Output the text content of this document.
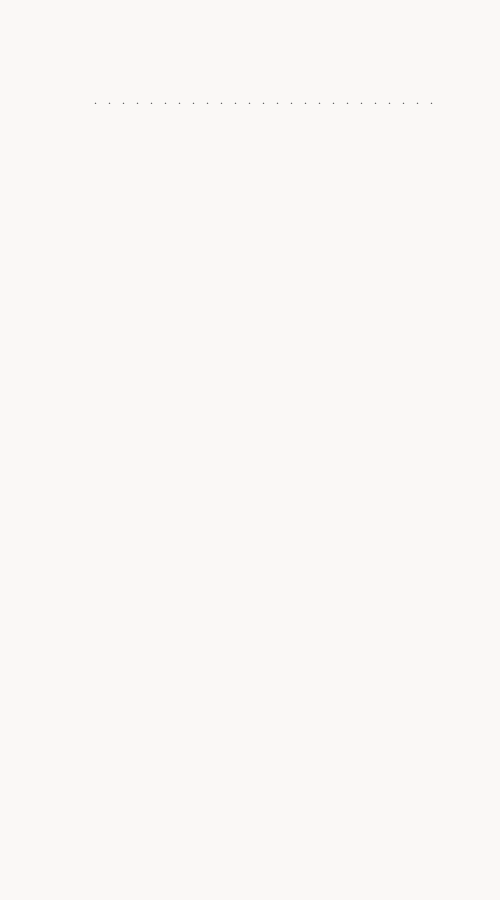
. . .
